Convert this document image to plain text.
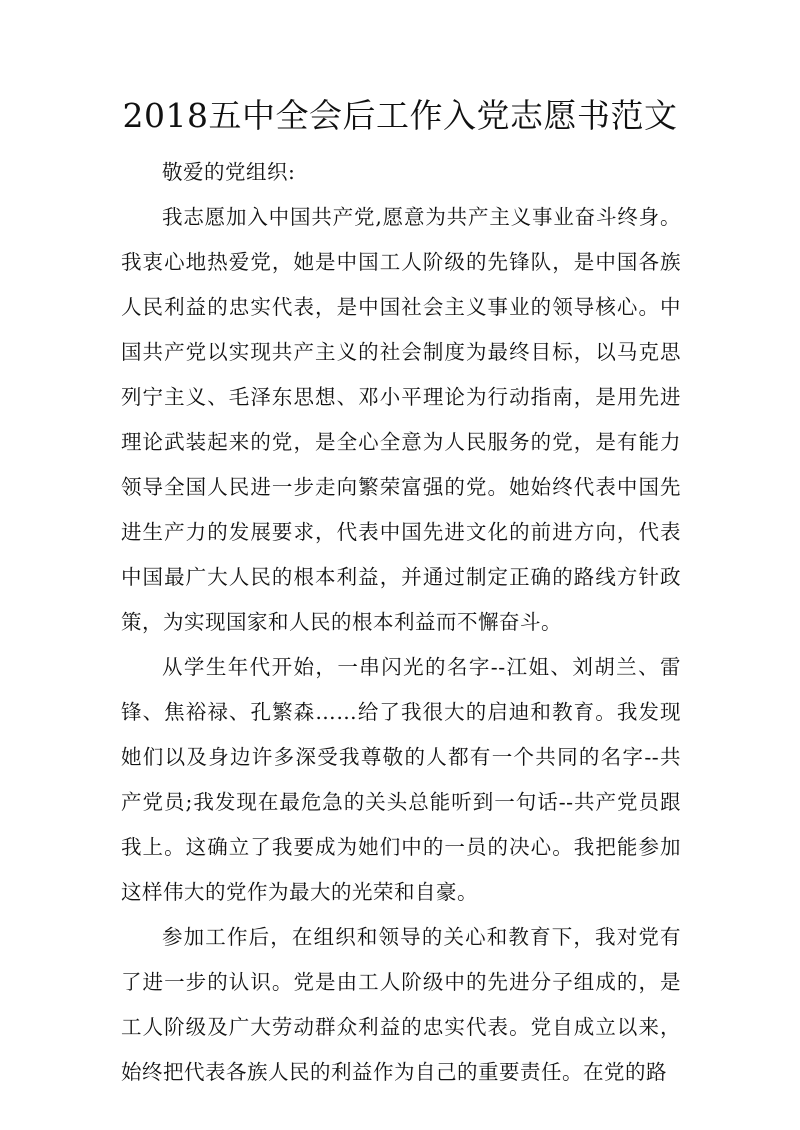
2018五中全会后工作入党志愿书范文

敬爱的党组织:

我志愿加入中国共产党,愿意为共产主义事业奋斗终身。我衷心地热爱党，她是中国工人阶级的先锋队，是中国各族人民利益的忠实代表，是中国社会主义事业的领导核心。中国共产党以实现共产主义的社会制度为最终目标，以马克思列宁主义、毛泽东思想、邓小平理论为行动指南，是用先进理论武装起来的党，是全心全意为人民服务的党，是有能力领导全国人民进一步走向繁荣富强的党。她始终代表中国先进生产力的发展要求，代表中国先进文化的前进方向，代表中国最广大人民的根本利益，并通过制定正确的路线方针政策，为实现国家和人民的根本利益而不懈奋斗。

从学生年代开始，一串闪光的名字--江姐、刘胡兰、雷锋、焦裕禄、孔繁森……给了我很大的启迪和教育。我发现她们以及身边许多深受我尊敬的人都有一个共同的名字--共产党员;我发现在最危急的关头总能听到一句话--共产党员跟我上。这确立了我要成为她们中的一员的决心。我把能参加这样伟大的党作为最大的光荣和自豪。

参加工作后，在组织和领导的关心和教育下，我对党有了进一步的认识。党是由工人阶级中的先进分子组成的，是工人阶级及广大劳动群众利益的忠实代表。党自成立以来，始终把代表各族人民的利益作为自己的重要责任。在党的路
